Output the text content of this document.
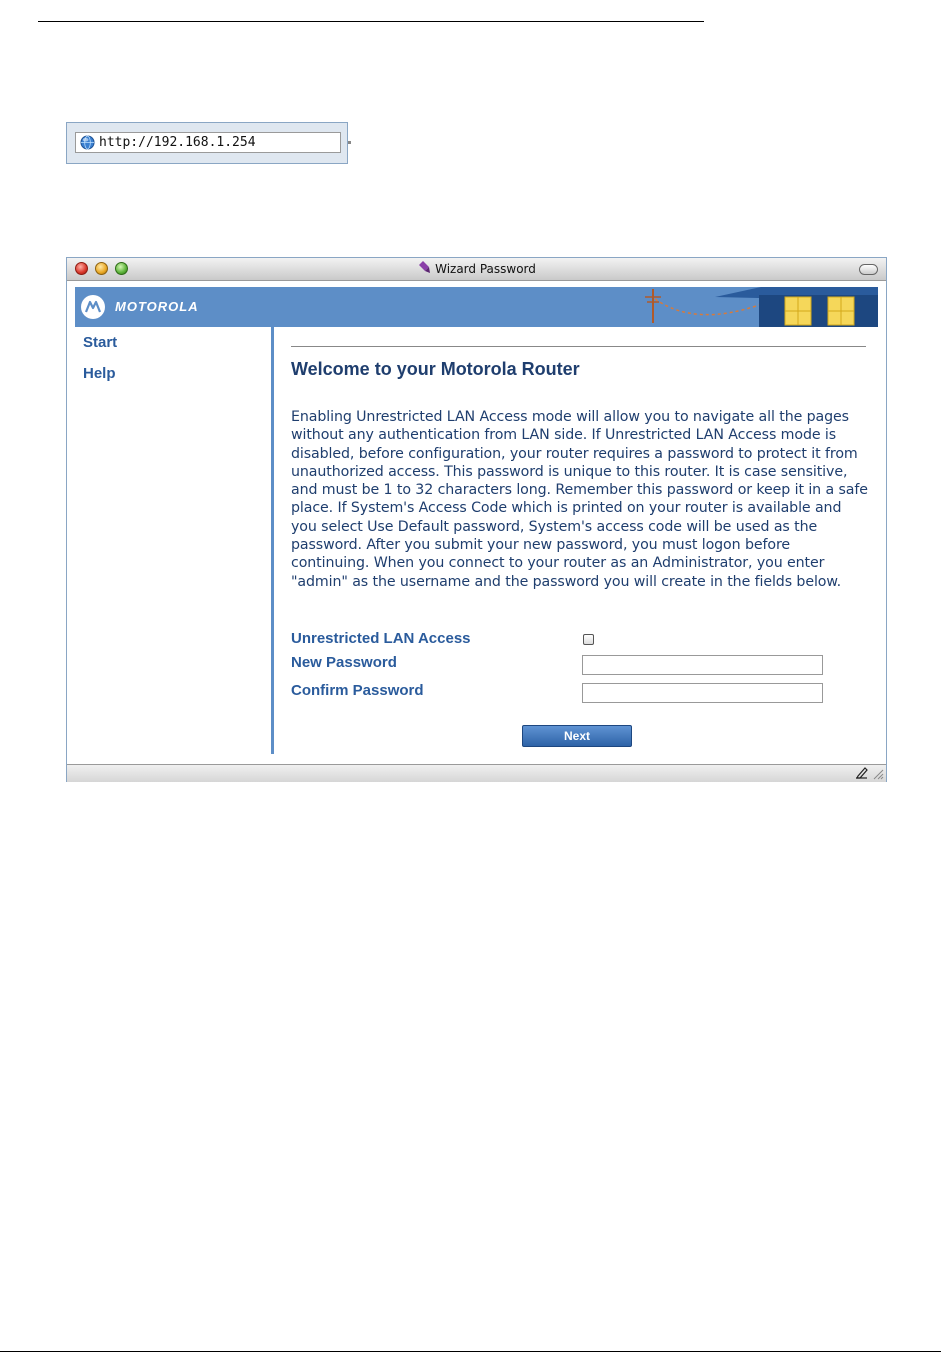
http://192.168.1.254
Wizard Password
MOTOROLA
Start
Help	Welcome to your Motorola Router
Enabling Unrestricted LAN Access mode will allow you to navigate all the pages without any authentication from LAN side. If Unrestricted LAN Access mode is disabled, before configuration, your router requires a password to protect it from unauthorized access. This password is unique to this router. It is case sensitive, and must be 1 to 32 characters long. Remember this password or keep it in a safe place. If System's Access Code which is printed on your router is available and you select Use Default password, System's access code will be used as the password. After you submit your new password, you must logon before continuing. When you connect to your router as an Administrator, you enter "admin" as the username and the password you will create in the fields below.
Unrestricted LAN Access
New Password
Confirm Password
Next
